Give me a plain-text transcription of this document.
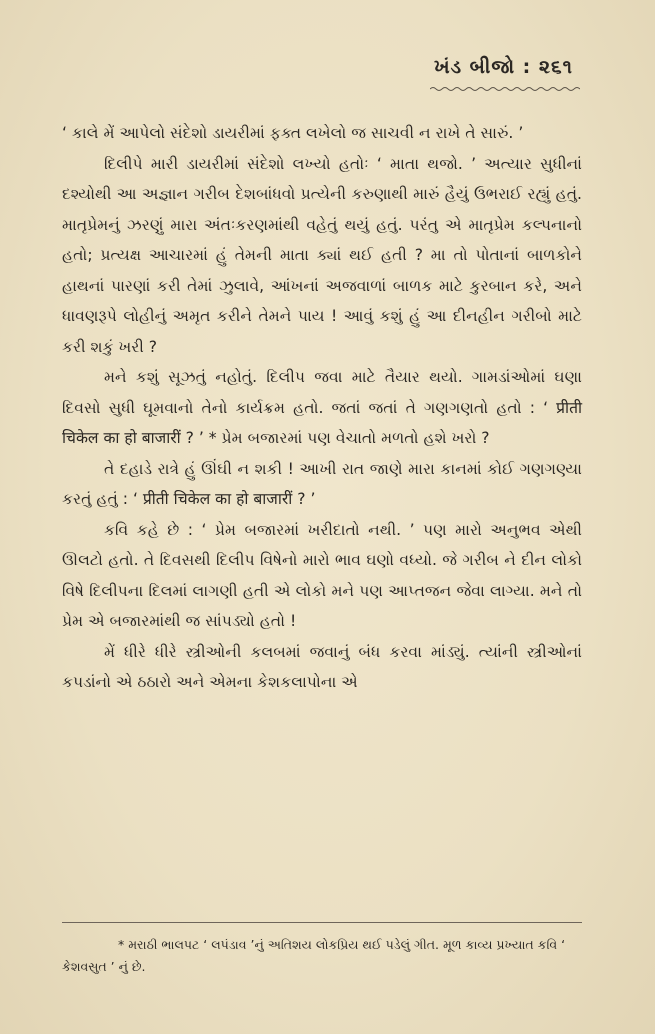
ખંડ બીજો : ૨૬૧

‘ કાલે મેં આપેલો સંદેશો ડાયરીમાં ફક્ત લખેલો જ સાચવી ન રાખે તે સારું. ’

દિલીપે મારી ડાયરીમાં સંદેશો લખ્યો હતોઃ ‘ માતા થજો. ’ અત્યાર સુધીનાં દશ્યોથી આ અજ્ઞાન ગરીબ દેશબાંધવો પ્રત્યેની કરુણાથી મારું હૈયું ઉભરાઈ રહ્યું હતું. માતૃપ્રેમનું ઝરણું મારા અંતઃકરણમાંથી વહેતું થયું હતું. પરંતુ એ માતૃપ્રેમ કલ્પનાનો હતો; પ્રત્યક્ષ આચારમાં હું તેમની માતા ક્યાં થઈ હતી ? મા તો પોતાનાં બાળકોને હાથનાં પારણાં કરી તેમાં ઝુલાવે, આંખનાં અજવાળાં બાળક માટે કુરબાન કરે, અને ધાવણરૂપે લોહીનું અમૃત કરીને તેમને પાય ! આવું કશું હું આ દીનહીન ગરીબો માટે કરી શકું ખરી ?

મને કશું સૂઝતું નહોતું. દિલીપ જવા માટે તૈયાર થયો. ગામડાંઓમાં ઘણા દિવસો સુધી ઘૂમવાનો તેનો કાર્યક્રમ હતો. જતાં જતાં તે ગણગણતો હતો : ‘ प्रीती चिकेल का हो बाजारीं ? ’ * પ્રેમ બજારમાં પણ વેચાતો મળતો હશે ખરો ?

તે દહાડે રાત્રે હું ઊંઘી ન શકી ! આખી રાત જાણે મારા કાનમાં કોઈ ગણગણ્યા કરતું હતું : ‘ प्रीती चिकेल का हो बाजारीं ? ’

કવિ કહે છે : ‘ પ્રેમ બજારમાં ખરીદાતો નથી. ’ પણ મારો અનુભવ એથી ઊલટો હતો. તે દિવસથી દિલીપ વિષેનો મારો ભાવ ઘણો વધ્યો. જે ગરીબ ને દીન લોકો વિષે દિલીપના દિલમાં લાગણી હતી એ લોકો મને પણ આપ્તજન જેવા લાગ્યા. મને તો પ્રેમ એ બજારમાંથી જ સાંપડ્યો હતો !

મેં ધીરે ધીરે સ્ત્રીઓની કલબમાં જવાનું બંધ કરવા માંડ્યું. ત્યાંની સ્ત્રીઓનાં કપડાંનો એ ઠઠારો અને એમના કેશકલાપોના એ

* મરાઠી ભાલપટ ‘ લપંડાવ ’નું અતિશય લોકપ્રિય થઈ પડેલું ગીત. મૂળ કાવ્ય પ્રખ્યાત કવિ ‘ કેશવસુત ’ નું છે.
